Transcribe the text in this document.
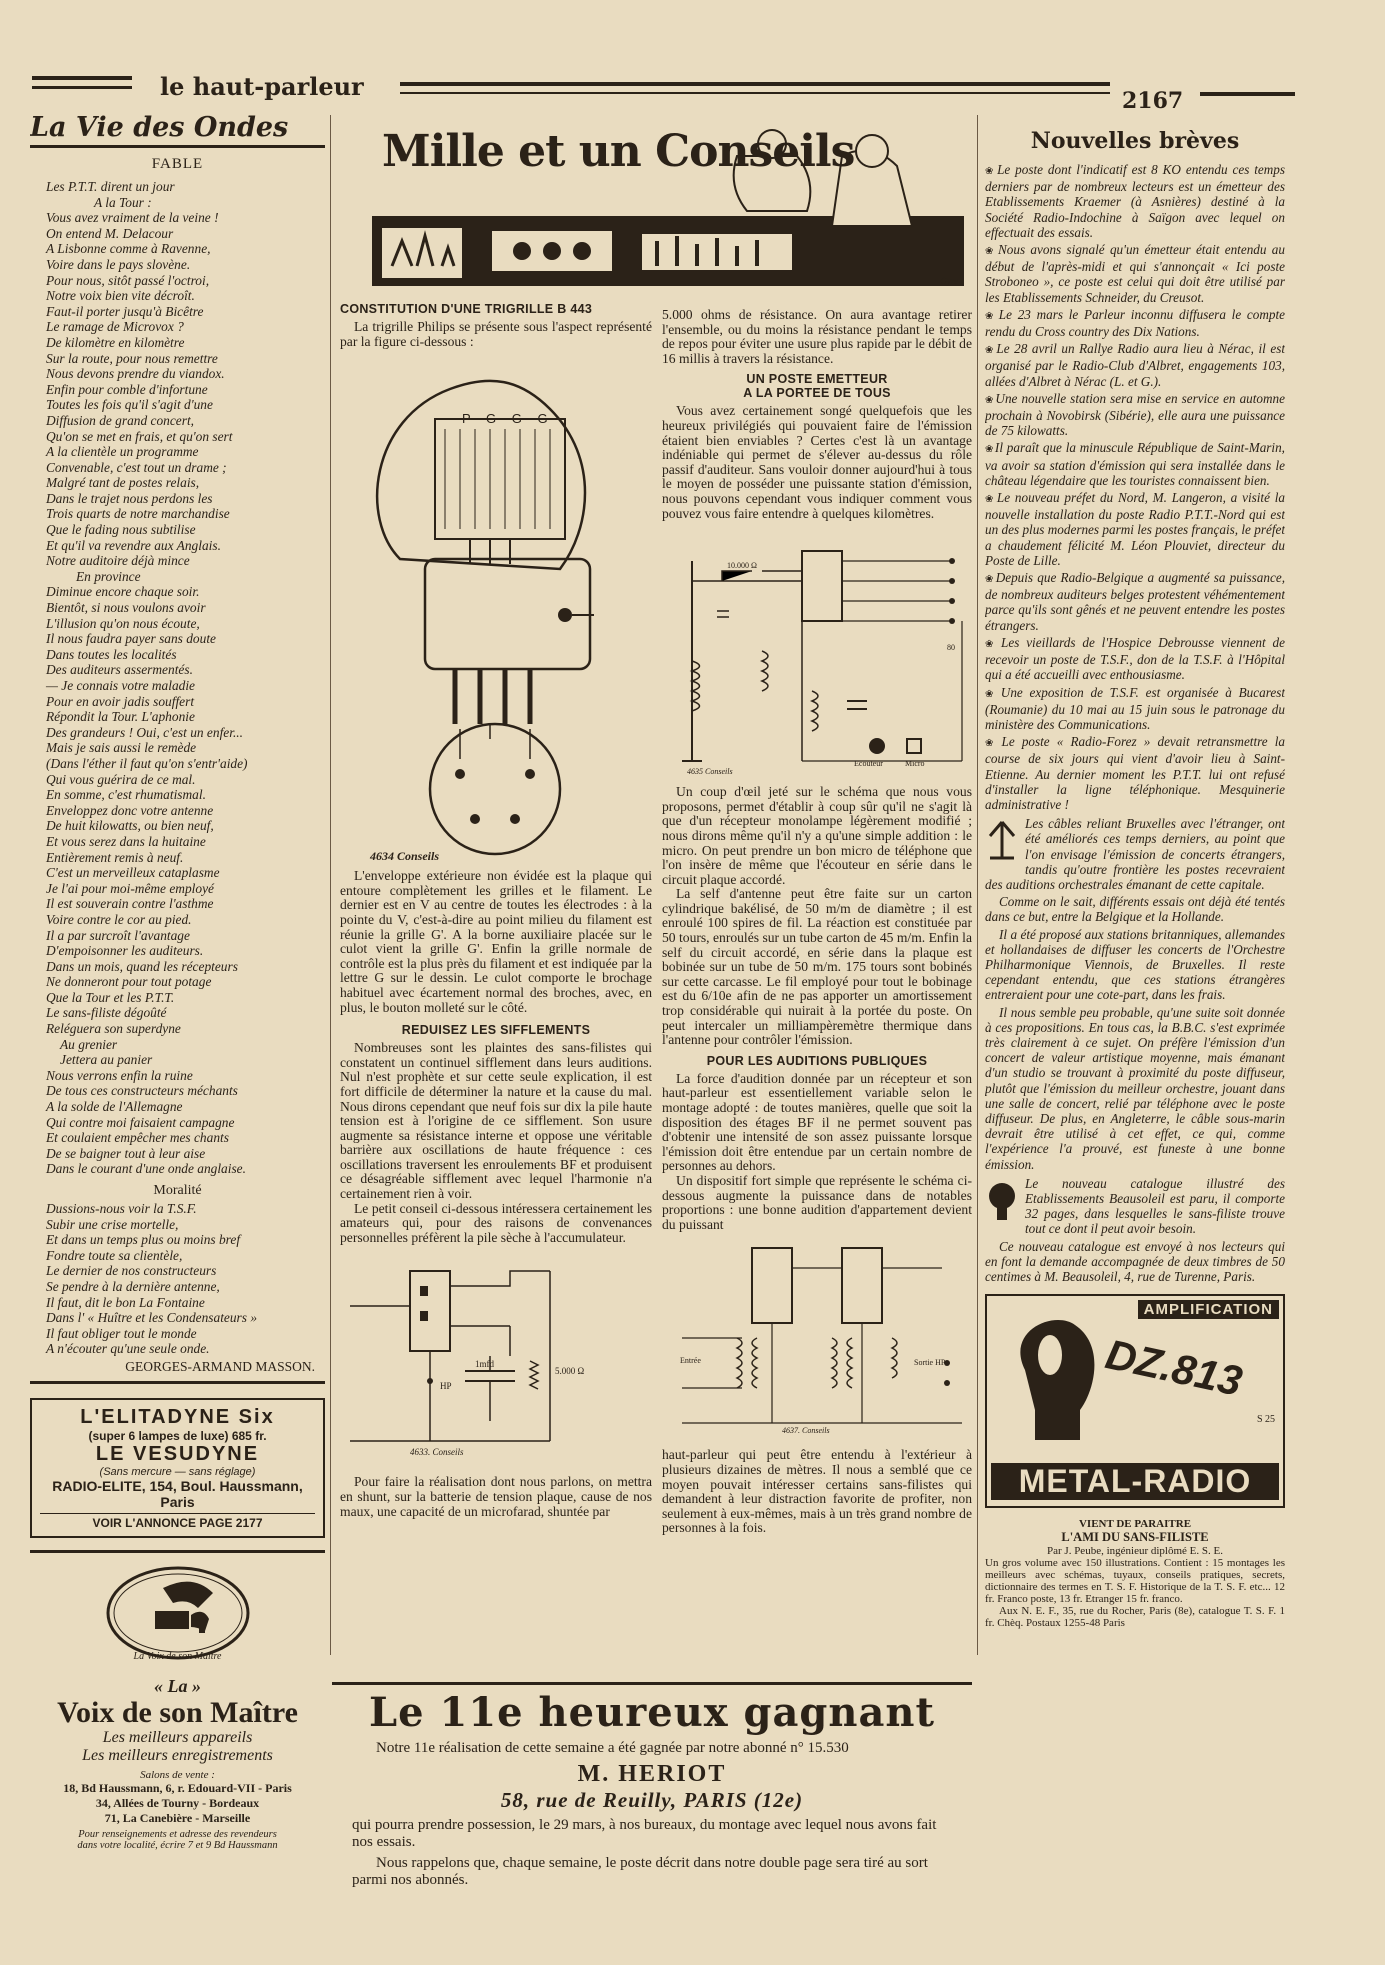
le haut-parleur	2167
La Vie des Ondes
FABLE

Les P.T.T. dirent un jour

A la Tour :

Vous avez vraiment de la veine !

On entend M. Delacour

A Lisbonne comme à Ravenne,

Voire dans le pays slovène.

Pour nous, sitôt passé l'octroi,

Notre voix bien vite décroît.

Faut-il porter jusqu'à Bicêtre

Le ramage de Microvox ?

De kilomètre en kilomètre

Sur la route, pour nous remettre

Nous devons prendre du viandox.

Enfin pour comble d'infortune

Toutes les fois qu'il s'agit d'une

Diffusion de grand concert,

Qu'on se met en frais, et qu'on sert

A la clientèle un programme

Convenable, c'est tout un drame ;

Malgré tant de postes relais,

Dans le trajet nous perdons les

Trois quarts de notre marchandise

Que le fading nous subtilise

Et qu'il va revendre aux Anglais.

Notre auditoire déjà mince

En province

Diminue encore chaque soir.

Bientôt, si nous voulons avoir

L'illusion qu'on nous écoute,

Il nous faudra payer sans doute

Dans toutes les localités

Des auditeurs assermentés.

— Je connais votre maladie

Pour en avoir jadis souffert

Répondit la Tour. L'aphonie

Des grandeurs ! Oui, c'est un enfer...

Mais je sais aussi le remède

(Dans l'éther il faut qu'on s'entr'aide)

Qui vous guérira de ce mal.

En somme, c'est rhumatismal.

Enveloppez donc votre antenne

De huit kilowatts, ou bien neuf,

Et vous serez dans la huitaine

Entièrement remis à neuf.

C'est un merveilleux cataplasme

Je l'ai pour moi-même employé

Il est souverain contre l'asthme

Voire contre le cor au pied.

Il a par surcroît l'avantage

D'empoisonner les auditeurs.

Dans un mois, quand les récepteurs

Ne donneront pour tout potage

Que la Tour et les P.T.T.

Le sans-filiste dégoûté

Reléguera son superdyne

Au grenier

Jettera au panier

Nous verrons enfin la ruine

De tous ces constructeurs méchants

A la solde de l'Allemagne

Qui contre moi faisaient campagne

Et coulaient empêcher mes chants

De se baigner tout à leur aise

Dans le courant d'une onde anglaise.

Moralité

Dussions-nous voir la T.S.F.

Subir une crise mortelle,

Et dans un temps plus ou moins bref

Fondre toute sa clientèle,

Le dernier de nos constructeurs

Se pendre à la dernière antenne,

Il faut, dit le bon La Fontaine

Dans l' « Huître et les Condensateurs »

Il faut obliger tout le monde

A n'écouter qu'une seule onde.

GEORGES-ARMAND MASSON.
L'ELITADYNE Six
(super 6 lampes de luxe) 685 fr.
LE VESUDYNE
(Sans mercure — sans réglage)
RADIO-ELITE, 154, Boul. Haussmann, Paris
VOIR L'ANNONCE PAGE 2177
La Voix de son Maître
« La »
Voix de son Maître
Les meilleurs appareils
Les meilleurs enregistrements
Salons de vente :
18, Bd Haussmann, 6, r. Edouard-VII - Paris
34, Allées de Tourny - Bordeaux
71, La Canebière - Marseille
Pour renseignements et adresse des revendeurs
dans votre localité, écrire 7 et 9 Bd Haussmann
Mille et un Conseils
Gyre
CONSTITUTION D'UNE TRIGRILLE B 443

La trigrille Philips se présente sous l'aspect représenté par la figure ci-dessous :

P G G G
4634 Conseils

L'enveloppe extérieure non évidée est la plaque qui entoure complètement les grilles et le filament. Le dernier est en V au centre de toutes les électrodes : à la pointe du V, c'est-à-dire au point milieu du filament est réunie la grille G'. A la borne auxiliaire placée sur le culot vient la grille G'. Enfin la grille normale de contrôle est la plus près du filament et est indiquée par la lettre G sur le dessin. Le culot comporte le brochage habituel avec écartement normal des broches, avec, en plus, le bouton molleté sur le côté.

REDUISEZ LES SIFFLEMENTS

Nombreuses sont les plaintes des sans-filistes qui constatent un continuel sifflement dans leurs auditions. Nul n'est prophète et sur cette seule explication, il est fort difficile de déterminer la nature et la cause du mal. Nous dirons cependant que neuf fois sur dix la pile haute tension est à l'origine de ce sifflement. Son usure augmente sa résistance interne et oppose une véritable barrière aux oscillations de haute fréquence : ces oscillations traversent les enroulements BF et produisent ce désagréable sifflement avec lequel l'harmonie n'a certainement rien à voir.

Le petit conseil ci-dessous intéressera certainement les amateurs qui, pour des raisons de convenances personnelles préfèrent la pile sèche à l'accumulateur.

HP
1mfd
5.000 Ω
4633. Conseils

Pour faire la réalisation dont nous parlons, on mettra en shunt, sur la batterie de tension plaque, cause de nos maux, une capacité de un microfarad, shuntée par

5.000 ohms de résistance. On aura avantage retirer l'ensemble, ou du moins la résistance pendant le temps de repos pour éviter une usure plus rapide par le débit de 16 millis à travers la résistance.

UN POSTE EMETTEUR
A LA PORTEE DE TOUS

Vous avez certainement songé quelquefois que les heureux privilégiés qui pouvaient faire de l'émission étaient bien enviables ? Certes c'est là un avantage indéniable qui permet de s'élever au-dessus du rôle passif d'auditeur. Sans vouloir donner aujourd'hui à tous le moyen de posséder une puissante station d'émission, nous pouvons cependant vous indiquer comment vous pouvez vous faire entendre à quelques kilomètres.

10.000 Ω
80
Ecouteur	Micro
4635 Conseils

Un coup d'œil jeté sur le schéma que nous vous proposons, permet d'établir à coup sûr qu'il ne s'agit là que d'un récepteur monolampe légèrement modifié ; nous dirons même qu'il n'y a qu'une simple addition : le micro. On peut prendre un bon micro de téléphone que l'on insère de même que l'écouteur en série dans le circuit plaque accordé.

La self d'antenne peut être faite sur un carton cylindrique bakélisé, de 50 m/m de diamètre ; il est enroulé 100 spires de fil. La réaction est constituée par 50 tours, enroulés sur un tube carton de 45 m/m. Enfin la self du circuit accordé, en série dans la plaque est bobinée sur un tube de 50 m/m. 175 tours sont bobinés sur cette carcasse. Le fil employé pour tout le bobinage est du 6/10e afin de ne pas apporter un amortissement trop considérable qui nuirait à la portée du poste. On peut intercaler un milliampèremètre thermique dans l'antenne pour contrôler l'émission.

POUR LES AUDITIONS PUBLIQUES

La force d'audition donnée par un récepteur et son haut-parleur est essentiellement variable selon le montage adopté : de toutes manières, quelle que soit la disposition des étages BF il ne permet souvent pas d'obtenir une intensité de son assez puissante lorsque l'émission doit être entendue par un certain nombre de personnes au dehors.

Un dispositif fort simple que représente le schéma ci-dessous augmente la puissance dans de notables proportions : une bonne audition d'appartement devient du puissant

Entrée	Sortie HP
4637. Conseils

haut-parleur qui peut être entendu à l'extérieur à plusieurs dizaines de mètres. Il nous a semblé que ce moyen pouvait intéresser certains sans-filistes qui demandent à leur distraction favorite de profiter, non seulement à eux-mêmes, mais à un très grand nombre de personnes à la fois.

Le 11e heureux gagnant

Notre 11e réalisation de cette semaine a été gagnée par notre abonné n° 15.530

M. HERIOT
58, rue de Reuilly, PARIS (12e)

qui pourra prendre possession, le 29 mars, à nos bureaux, du montage avec lequel nous avons fait nos essais.

Nous rappelons que, chaque semaine, le poste décrit dans notre double page sera tiré au sort parmi nos abonnés.

Nouvelles brèves

❀ Le poste dont l'indicatif est 8 KO entendu ces temps derniers par de nombreux lecteurs est un émetteur des Etablissements Kraemer (à Asnières) destiné à la Société Radio-Indochine à Saïgon avec lequel on effectuait des essais.

❀ Nous avons signalé qu'un émetteur était entendu au début de l'après-midi et qui s'annonçait « Ici poste Stroboneo », ce poste est celui qui doit être utilisé par les Etablissements Schneider, du Creusot.

❀ Le 23 mars le Parleur inconnu diffusera le compte rendu du Cross country des Dix Nations.

❀ Le 28 avril un Rallye Radio aura lieu à Nérac, il est organisé par le Radio-Club d'Albret, engagements 103, allées d'Albret à Nérac (L. et G.).

❀ Une nouvelle station sera mise en service en automne prochain à Novobirsk (Sibérie), elle aura une puissance de 75 kilowatts.

❀ Il paraît que la minuscule République de Saint-Marin, va avoir sa station d'émission qui sera installée dans le château légendaire que les touristes connaissent bien.

❀ Le nouveau préfet du Nord, M. Langeron, a visité la nouvelle installation du poste Radio P.T.T.-Nord qui est un des plus modernes parmi les postes français, le préfet a chaudement félicité M. Léon Plouviet, directeur du Poste de Lille.

❀ Depuis que Radio-Belgique a augmenté sa puissance, de nombreux auditeurs belges protestent véhémentement parce qu'ils sont gênés et ne peuvent entendre les postes étrangers.

❀ Les vieillards de l'Hospice Debrousse viennent de recevoir un poste de T.S.F., don de la T.S.F. à l'Hôpital qui a été accueilli avec enthousiasme.

❀ Une exposition de T.S.F. est organisée à Bucarest (Roumanie) du 10 mai au 15 juin sous le patronage du ministère des Communications.

❀ Le poste « Radio-Forez » devait retransmettre la course de six jours qui vient d'avoir lieu à Saint-Etienne. Au dernier moment les P.T.T. lui ont refusé d'installer la ligne téléphonique. Mesquinerie administrative !

Les câbles reliant Bruxelles avec l'étranger, ont été améliorés ces temps derniers, au point que l'on envisage l'émission de concerts étrangers, tandis qu'outre frontière les postes recevraient des auditions orchestrales émanant de cette capitale.

Comme on le sait, différents essais ont déjà été tentés dans ce but, entre la Belgique et la Hollande.

Il a été proposé aux stations britanniques, allemandes et hollandaises de diffuser les concerts de l'Orchestre Philharmonique Viennois, de Bruxelles. Il reste cependant entendu, que ces stations étrangères entreraient pour une cote-part, dans les frais.

Il nous semble peu probable, qu'une suite soit donnée à ces propositions. En tous cas, la B.B.C. s'est exprimée très clairement à ce sujet. On préfère l'émission d'un concert de valeur artistique moyenne, mais émanant d'un studio se trouvant à proximité du poste diffuseur, plutôt que l'émission du meilleur orchestre, jouant dans une salle de concert, relié par téléphone avec le poste diffuseur. De plus, en Angleterre, le câble sous-marin devrait être utilisé à cet effet, ce qui, comme l'expérience l'a prouvé, est funeste à une bonne émission.

Le nouveau catalogue illustré des Etablissements Beausoleil est paru, il comporte 32 pages, dans lesquelles le sans-filiste trouve tout ce dont il peut avoir besoin.

Ce nouveau catalogue est envoyé à nos lecteurs qui en font la demande accompagnée de deux timbres de 50 centimes à M. Beausoleil, 4, rue de Turenne, Paris.

AMPLIFICATION
DZ.813
S 25
METAL-RADIO
VIENT DE PARAITRE
L'AMI DU SANS-FILISTE
Par J. Peube, ingénieur diplômé E. S. E.

Un gros volume avec 150 illustrations. Contient : 15 montages les meilleurs avec schémas, tuyaux, conseils pratiques, secrets, dictionnaire des termes en T. S. F. Historique de la T. S. F. etc... 12 fr. Franco poste, 13 fr. Etranger 15 fr. franco.

Aux N. E. F., 35, rue du Rocher, Paris (8e), catalogue T. S. F. 1 fr. Chèq. Postaux 1255-48 Paris
